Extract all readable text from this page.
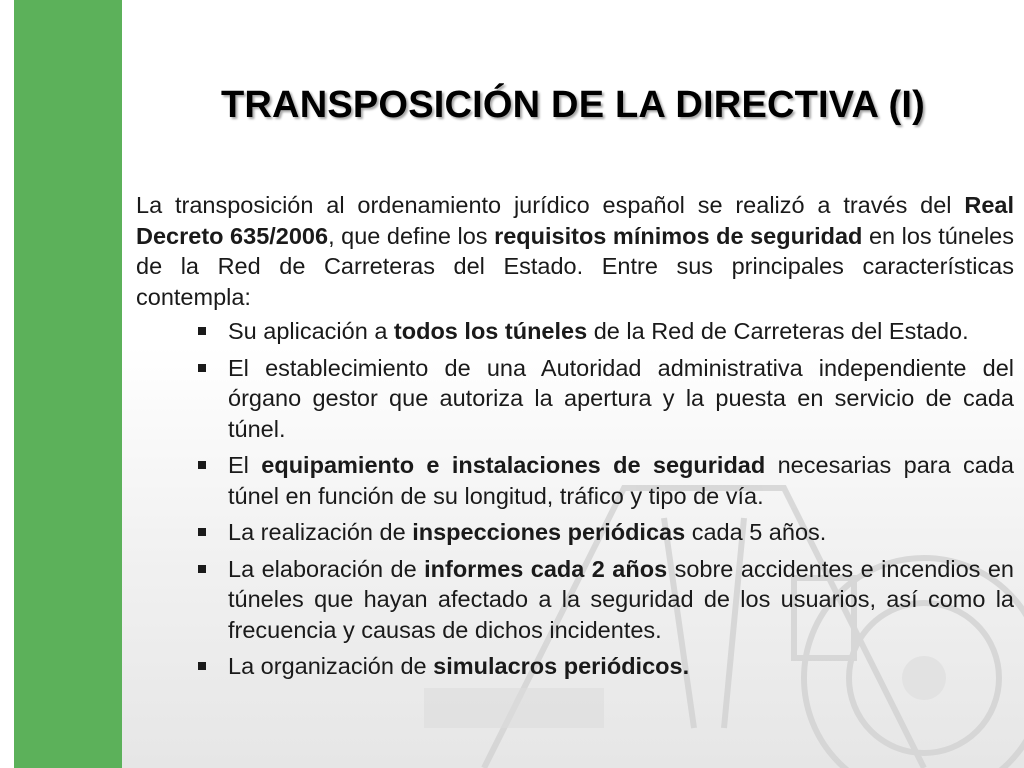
TRANSPOSICIÓN DE LA DIRECTIVA (I)

La transposición al ordenamiento jurídico español se realizó a través del Real Decreto 635/2006, que define los requisitos mínimos de seguridad en los túneles de la Red de Carreteras del Estado. Entre sus principales características contempla:

Su aplicación a todos los túneles de la Red de Carreteras del Estado.
El establecimiento de una Autoridad administrativa independiente del órgano gestor que autoriza la apertura y la puesta en servicio de cada túnel.
El equipamiento e instalaciones de seguridad necesarias para cada túnel en función de su longitud, tráfico y tipo de vía.
La realización de inspecciones periódicas cada 5 años.
La elaboración de informes cada 2 años sobre accidentes e incendios en túneles que hayan afectado a la seguridad de los usuarios, así como la frecuencia y causas de dichos incidentes.
La organización de simulacros periódicos.
